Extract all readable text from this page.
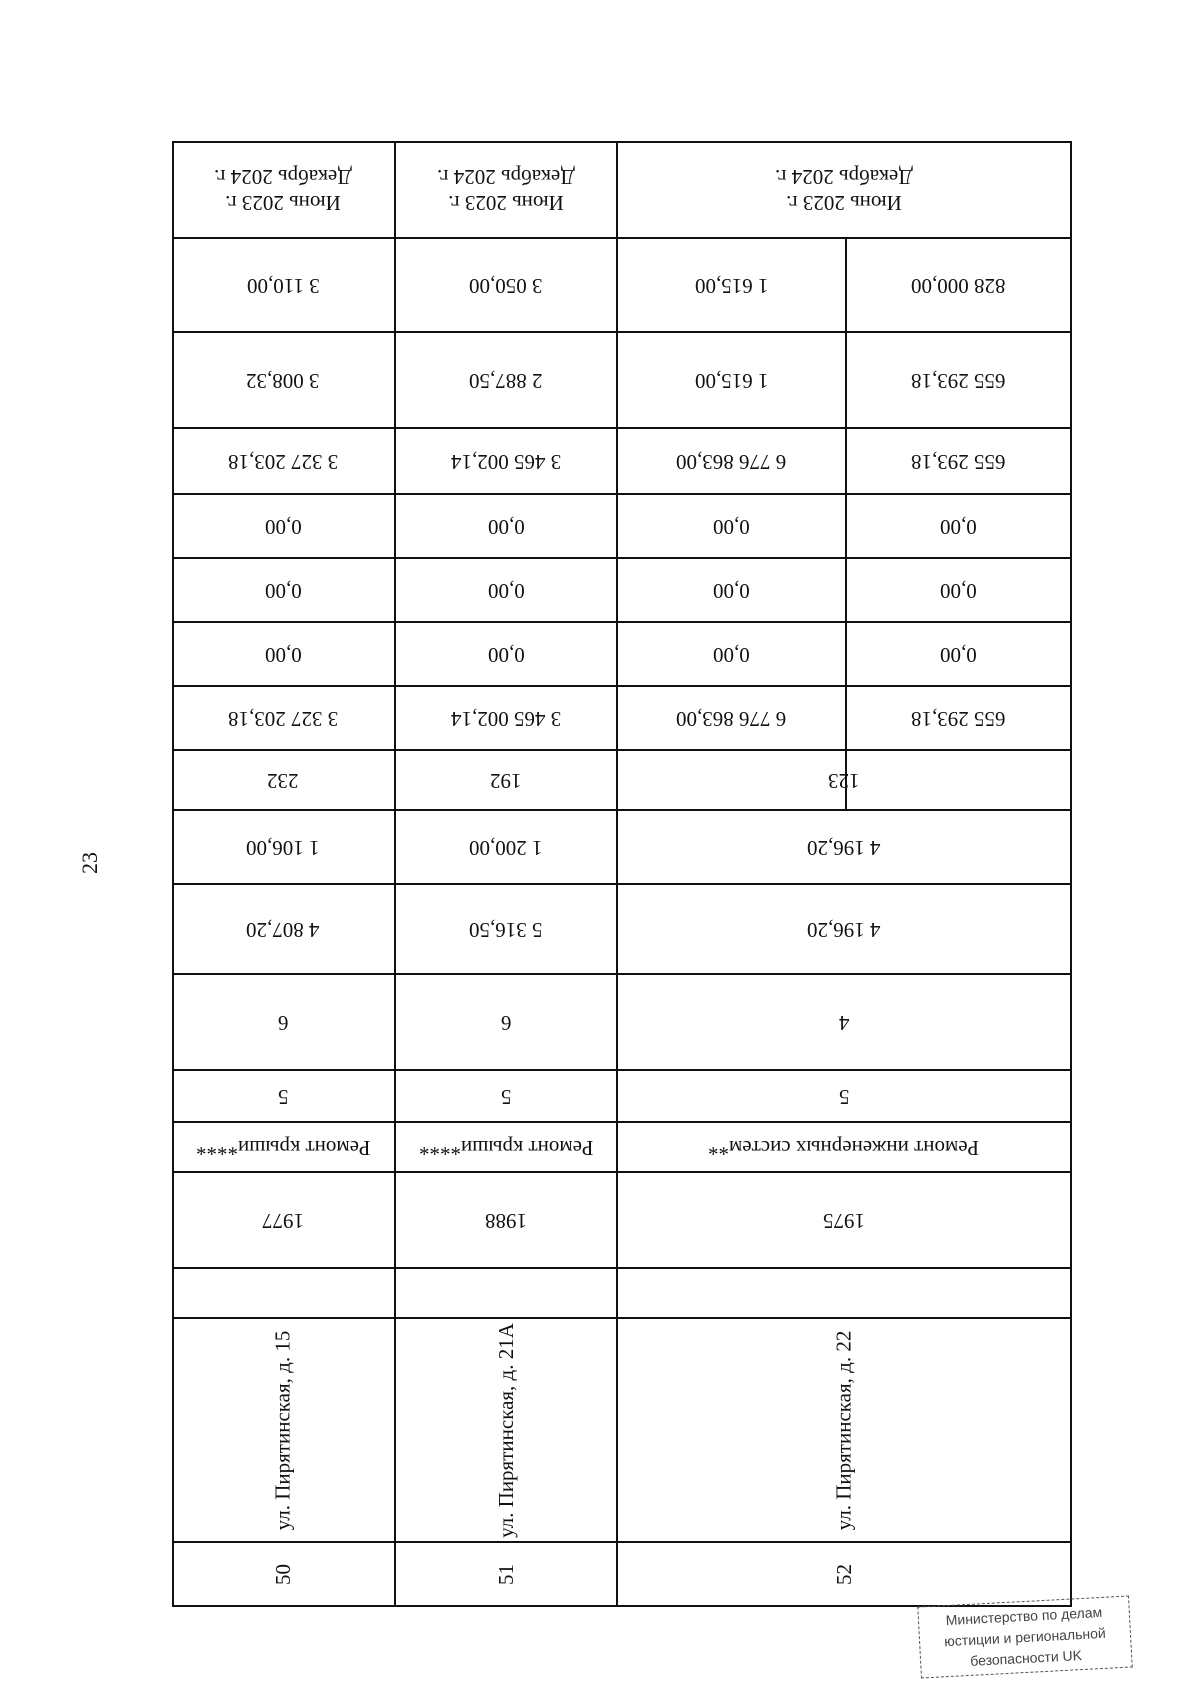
23
Июнь 2023 г.
Декабрь 2024 г.
3 110,00
3 008,32
3 327 203,18
0,00
0,00
0,00
3 327 203,18
232
1 106,00
4 807,20
6
5
Ремонт крыши****
1977
ул. Пирятинская, д. 15
50
Июнь 2023 г.
Декабрь 2024 г.
3 050,00
2 887,50
3 465 002,14
0,00
0,00
0,00
3 465 002,14
192
1 200,00
5 316,50
6
5
Ремонт крыши****
1988
ул. Пирятинская, д. 21А
51
Июнь 2023 г.
Декабрь 2024 г.
1 615,00
1 615,00
6 776 863,00
0,00
0,00
0,00
6 776 863,00
828 000,00
655 293,18
655 293,18
0,00
0,00
0,00
655 293,18
123
4 196,20
4 196,20
4
5
Ремонт инженерных систем**
1975
ул. Пирятинская, д. 22
52
Министерство по делам
юстиции и региональной
безопасности UK
